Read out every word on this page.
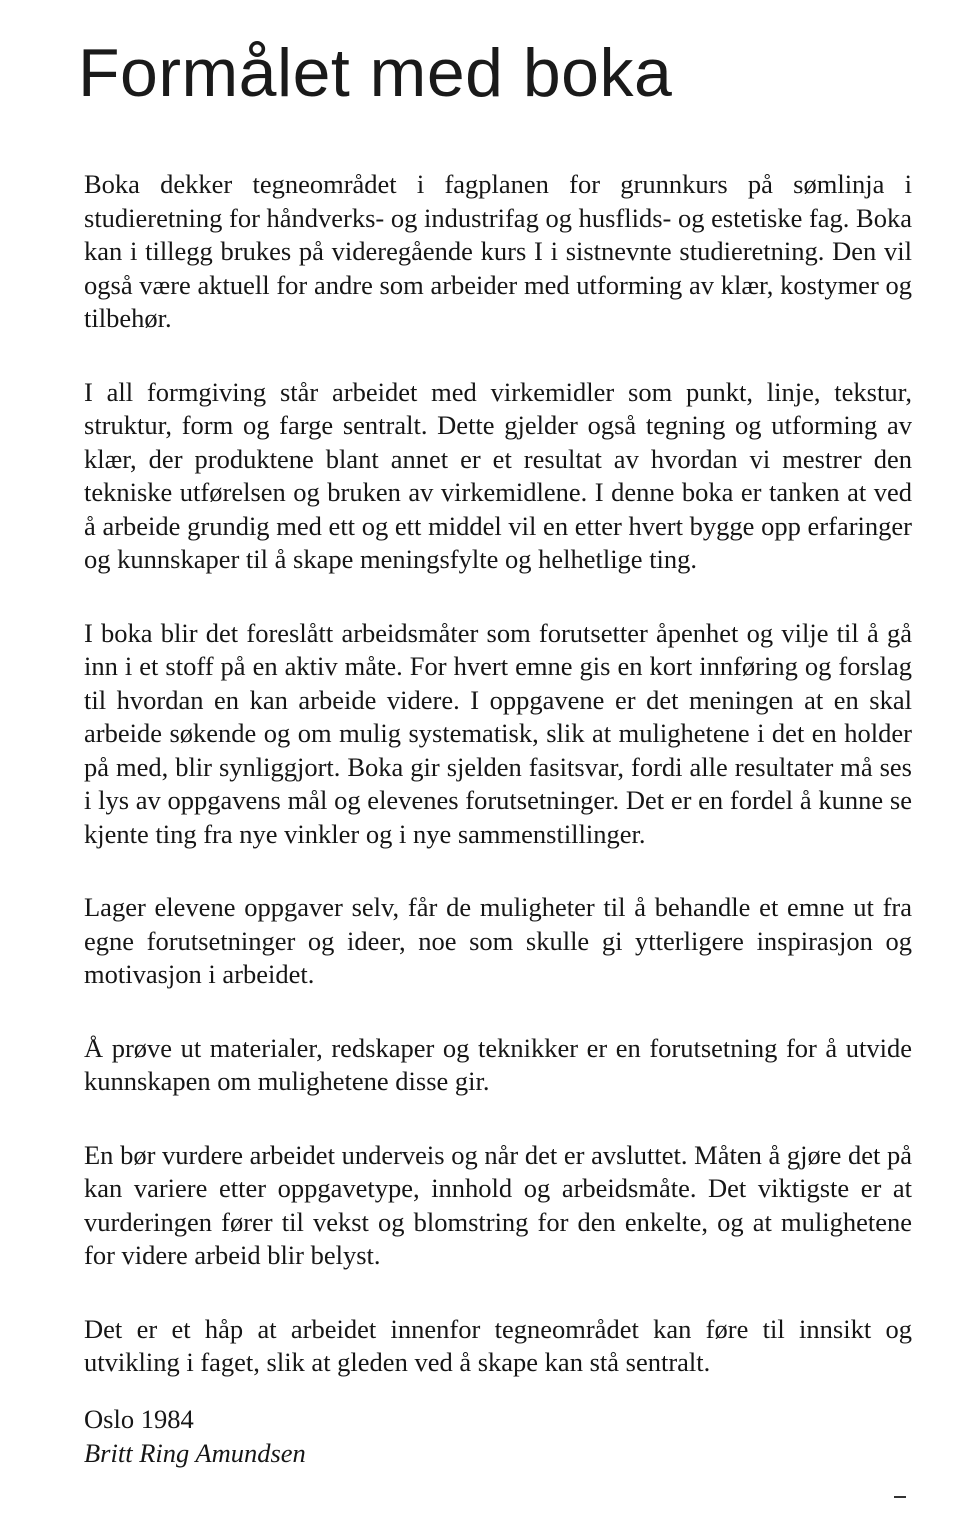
Formålet med boka

Boka dekker tegneområdet i fagplanen for grunnkurs på sømlinja i studieretning for håndverks- og industrifag og husflids- og estetiske fag. Boka kan i tillegg brukes på videregående kurs I i sistnevnte studieretning. Den vil også være aktuell for andre som arbeider med utforming av klær, kostymer og tilbehør.

I all formgiving står arbeidet med virkemidler som punkt, linje, tekstur, struktur, form og farge sentralt. Dette gjelder også tegning og utforming av klær, der produktene blant annet er et resultat av hvordan vi mestrer den tekniske utførelsen og bruken av virkemidlene. I denne boka er tanken at ved å arbeide grundig med ett og ett middel vil en etter hvert bygge opp erfaringer og kunnskaper til å skape meningsfylte og helhetlige ting.

I boka blir det foreslått arbeidsmåter som forutsetter åpenhet og vilje til å gå inn i et stoff på en aktiv måte. For hvert emne gis en kort innføring og forslag til hvordan en kan arbeide videre. I oppgavene er det meningen at en skal arbeide søkende og om mulig systematisk, slik at mulighetene i det en holder på med, blir synliggjort. Boka gir sjelden fasitsvar, fordi alle resultater må ses i lys av oppgavens mål og elevenes forutsetninger. Det er en fordel å kunne se kjente ting fra nye vinkler og i nye sammenstillinger.

Lager elevene oppgaver selv, får de muligheter til å behandle et emne ut fra egne forutsetninger og ideer, noe som skulle gi ytterligere inspirasjon og motivasjon i arbeidet.

Å prøve ut materialer, redskaper og teknikker er en forutsetning for å utvide kunnskapen om mulighetene disse gir.

En bør vurdere arbeidet underveis og når det er avsluttet. Måten å gjøre det på kan variere etter oppgavetype, innhold og arbeidsmåte. Det viktigste er at vurderingen fører til vekst og blomstring for den enkelte, og at mulighetene for videre arbeid blir belyst.

Det er et håp at arbeidet innenfor tegneområdet kan føre til innsikt og utvikling i faget, slik at gleden ved å skape kan stå sentralt.

Oslo 1984
Britt Ring Amundsen
